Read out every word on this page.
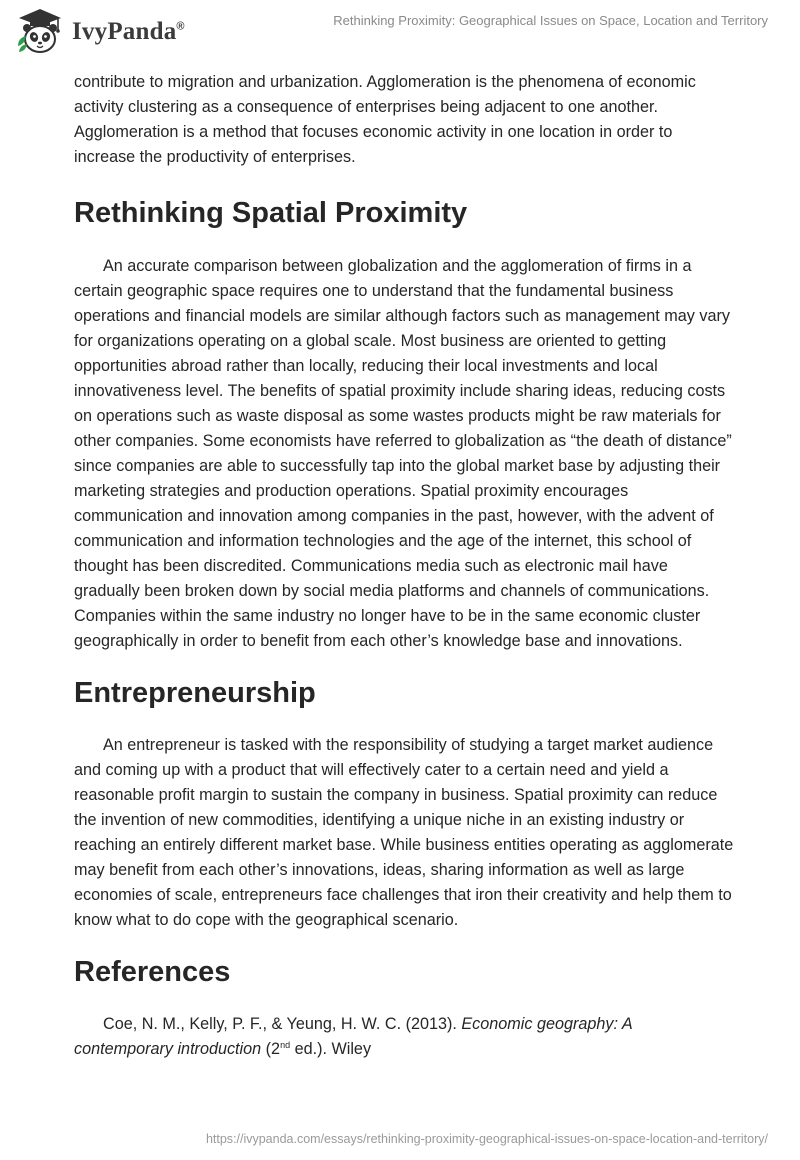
IvyPanda®	Rethinking Proximity: Geographical Issues on Space, Location and Territory

contribute to migration and urbanization. Agglomeration is the phenomena of economic activity clustering as a consequence of enterprises being adjacent to one another. Agglomeration is a method that focuses economic activity in one location in order to increase the productivity of enterprises.

Rethinking Spatial Proximity

An accurate comparison between globalization and the agglomeration of firms in a certain geographic space requires one to understand that the fundamental business operations and financial models are similar although factors such as management may vary for organizations operating on a global scale. Most business are oriented to getting opportunities abroad rather than locally, reducing their local investments and local innovativeness level. The benefits of spatial proximity include sharing ideas, reducing costs on operations such as waste disposal as some wastes products might be raw materials for other companies. Some economists have referred to globalization as “the death of distance” since companies are able to successfully tap into the global market base by adjusting their marketing strategies and production operations. Spatial proximity encourages communication and innovation among companies in the past, however, with the advent of communication and information technologies and the age of the internet, this school of thought has been discredited. Communications media such as electronic mail have gradually been broken down by social media platforms and channels of communications. Companies within the same industry no longer have to be in the same economic cluster geographically in order to benefit from each other’s knowledge base and innovations.

Entrepreneurship

An entrepreneur is tasked with the responsibility of studying a target market audience and coming up with a product that will effectively cater to a certain need and yield a reasonable profit margin to sustain the company in business. Spatial proximity can reduce the invention of new commodities, identifying a unique niche in an existing industry or reaching an entirely different market base. While business entities operating as agglomerate may benefit from each other’s innovations, ideas, sharing information as well as large economies of scale, entrepreneurs face challenges that iron their creativity and help them to know what to do cope with the geographical scenario.

References

Coe, N. M., Kelly, P. F., & Yeung, H. W. C. (2013). Economic geography: A contemporary introduction (2nd ed.). Wiley

https://ivypanda.com/essays/rethinking-proximity-geographical-issues-on-space-location-and-territory/
